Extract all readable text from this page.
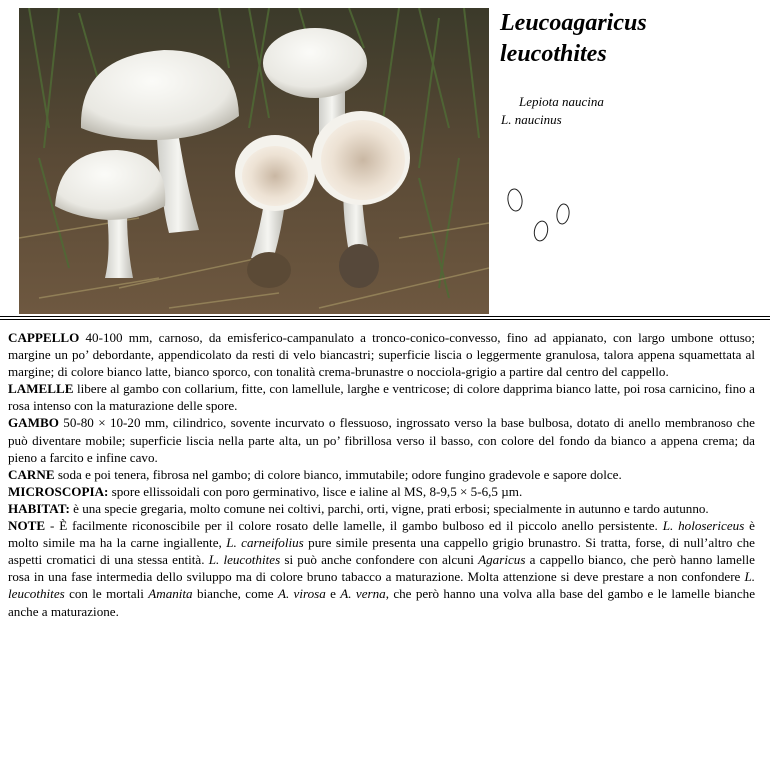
Leucoagaricus
leucothites
Lepiota naucina
L. naucinus

CAPPELLO 40-100 mm, carnoso, da emisferico-campanulato a tronco-conico-convesso, fino ad appianato, con largo umbone ottuso; margine un po’ debordante, appendicolato da resti di velo biancastri; superficie liscia o leggermente granulosa, talora appena squamettata al margine; di colore bianco latte, bianco sporco, con tonalità crema-brunastre o nocciola-grigio a partire dal centro del cappello.

LAMELLE libere al gambo con collarium, fitte, con lamellule, larghe e ventricose; di colore dapprima bianco latte, poi rosa carnicino, fino a rosa intenso con la maturazione delle spore.

GAMBO 50-80 × 10-20 mm, cilindrico, sovente incurvato o flessuoso, ingrossato verso la base bulbosa, dotato di anello membranoso che può diventare mobile; superficie liscia nella parte alta, un po’ fibrillosa verso il basso, con colore del fondo da bianco a appena crema; da pieno a farcito e infine cavo.

CARNE soda e poi tenera, fibrosa nel gambo; di colore bianco, immutabile; odore fungino gradevole e sapore dolce.

MICROSCOPIA: spore ellissoidali con poro germinativo, lisce e ialine al MS, 8-9,5 × 5-6,5 µm.

HABITAT: è una specie gregaria, molto comune nei coltivi, parchi, orti, vigne, prati erbosi; specialmente in autunno e tardo autunno.

NOTE - È facilmente riconoscibile per il colore rosato delle lamelle, il gambo bulboso ed il piccolo anello persistente. L. holosericeus è molto simile ma ha la carne ingiallente, L. carneifolius pure simile presenta una cappello grigio brunastro. Si tratta, forse, di null’altro che aspetti cromatici di una stessa entità. L. leucothites si può anche confondere con alcuni Agaricus a cappello bianco, che però hanno lamelle rosa in una fase intermedia dello sviluppo ma di colore bruno tabacco a maturazione. Molta attenzione si deve prestare a non confondere L. leucothites con le mortali Amanita bianche, come A. virosa e A. verna, che però hanno una volva alla base del gambo e le lamelle bianche anche a maturazione.
